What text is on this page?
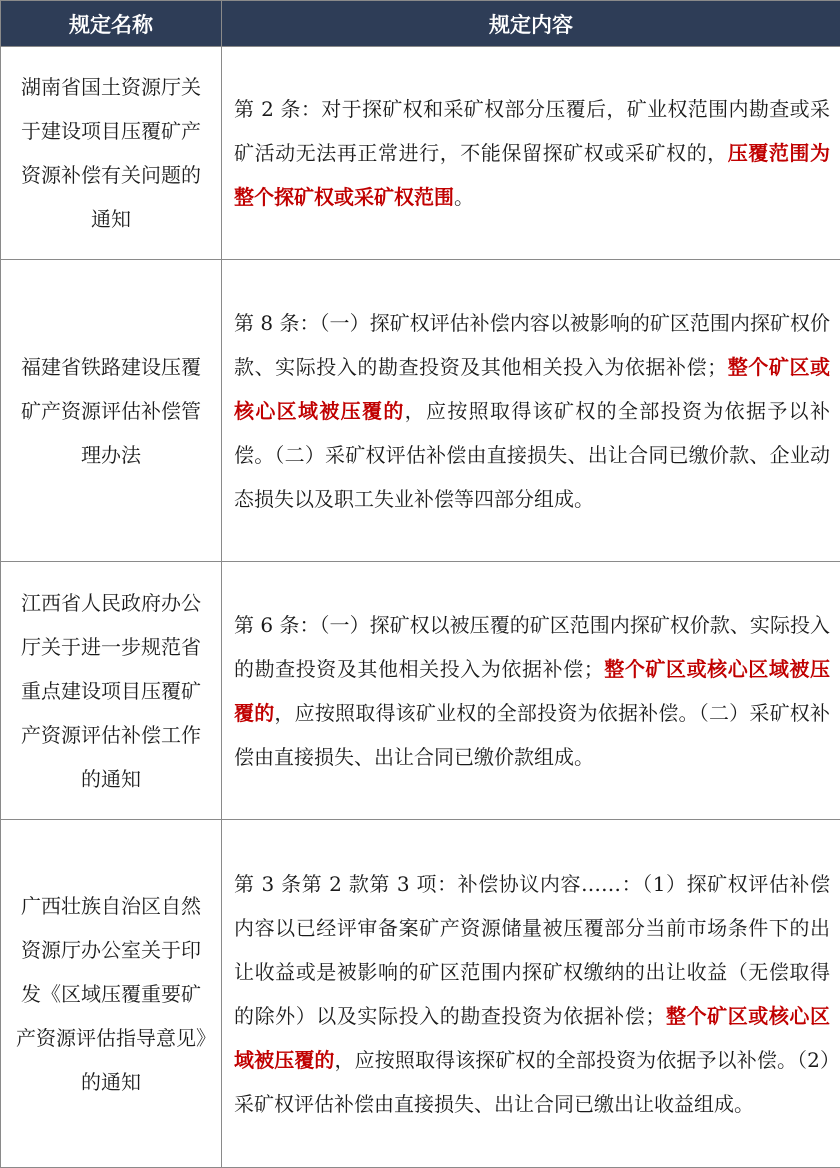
规定名称	规定内容
湖南省国土资源厅关于建设项目压覆矿产资源补偿有关问题的通知	第 2 条：对于探矿权和采矿权部分压覆后，矿业权范围内勘查或采矿活动无法再正常进行，不能保留探矿权或采矿权的，压覆范围为整个探矿权或采矿权范围。
福建省铁路建设压覆矿产资源评估补偿管理办法	第 8 条：（一）探矿权评估补偿内容以被影响的矿区范围内探矿权价款、实际投入的勘查投资及其他相关投入为依据补偿；整个矿区或核心区域被压覆的，应按照取得该矿权的全部投资为依据予以补偿。（二）采矿权评估补偿由直接损失、出让合同已缴价款、企业动态损失以及职工失业补偿等四部分组成。
江西省人民政府办公厅关于进一步规范省重点建设项目压覆矿产资源评估补偿工作的通知	第 6 条：（一）探矿权以被压覆的矿区范围内探矿权价款、实际投入的勘查投资及其他相关投入为依据补偿；整个矿区或核心区域被压覆的，应按照取得该矿业权的全部投资为依据补偿。（二）采矿权补偿由直接损失、出让合同已缴价款组成。
广西壮族自治区自然资源厅办公室关于印发《区域压覆重要矿产资源评估指导意见》的通知	第 3 条第 2 款第 3 项：补偿协议内容……：（1）探矿权评估补偿内容以已经评审备案矿产资源储量被压覆部分当前市场条件下的出让收益或是被影响的矿区范围内探矿权缴纳的出让收益（无偿取得的除外）以及实际投入的勘查投资为依据补偿；整个矿区或核心区域被压覆的，应按照取得该探矿权的全部投资为依据予以补偿。（2）采矿权评估补偿由直接损失、出让合同已缴出让收益组成。
